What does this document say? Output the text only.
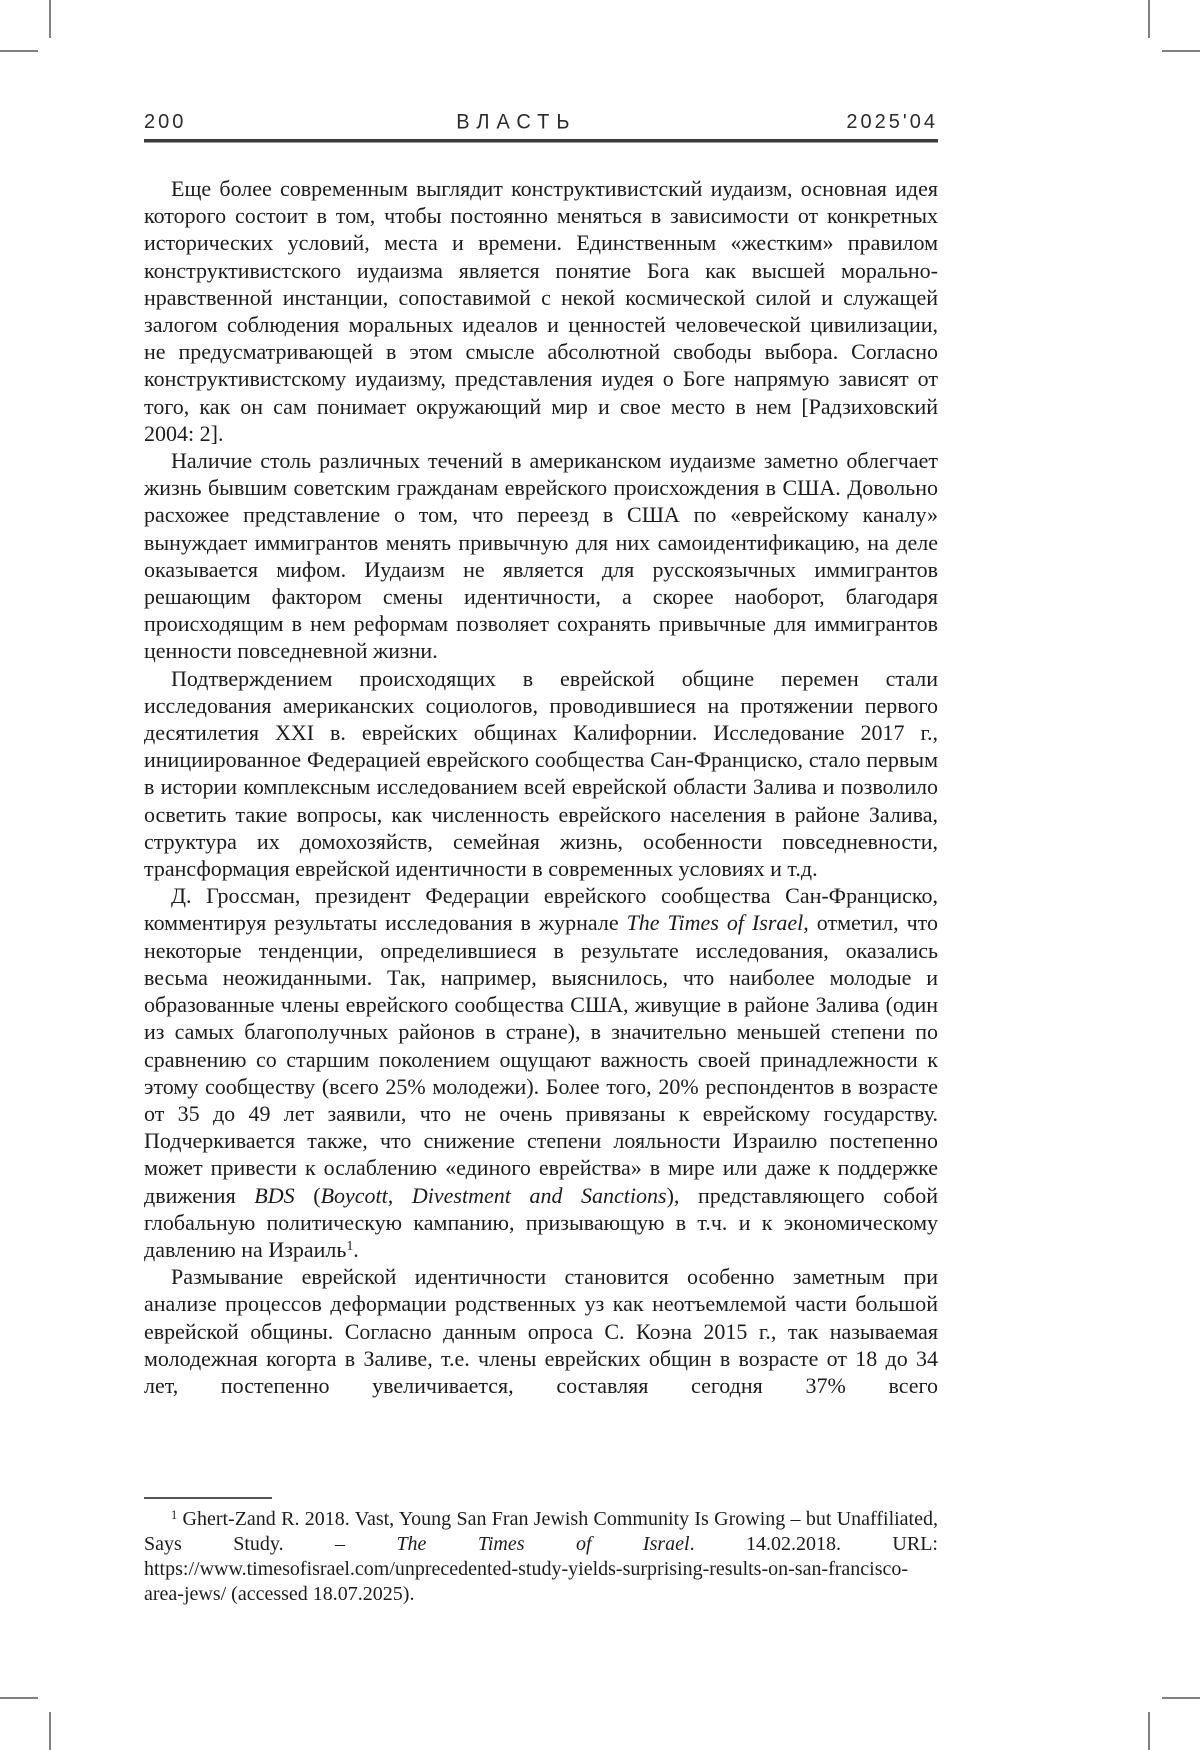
200	ВЛАСТЬ	2025'04

Еще более современным выглядит конструктивистский иудаизм, основная идея которого состоит в том, чтобы постоянно меняться в зависимости от конкретных исторических условий, места и времени. Единственным «жестким» правилом конструктивистского иудаизма является понятие Бога как высшей морально-нравственной инстанции, сопоставимой с некой космической силой и служащей залогом соблюдения моральных идеалов и ценностей человеческой цивилизации, не предусматривающей в этом смысле абсолютной свободы выбора. Согласно конструктивистскому иудаизму, представления иудея о Боге напрямую зависят от того, как он сам понимает окружающий мир и свое место в нем [Радзиховский 2004: 2].

Наличие столь различных течений в американском иудаизме заметно облегчает жизнь бывшим советским гражданам еврейского происхождения в США. Довольно расхожее представление о том, что переезд в США по «еврейскому каналу» вынуждает иммигрантов менять привычную для них самоидентификацию, на деле оказывается мифом. Иудаизм не является для русскоязычных иммигрантов решающим фактором смены идентичности, а скорее наоборот, благодаря происходящим в нем реформам позволяет сохранять привычные для иммигрантов ценности повседневной жизни.

Подтверждением происходящих в еврейской общине перемен стали исследования американских социологов, проводившиеся на протяжении первого десятилетия XXI в. еврейских общинах Калифорнии. Исследование 2017 г., инициированное Федерацией еврейского сообщества Сан-Франциско, стало первым в истории комплексным исследованием всей еврейской области Залива и позволило осветить такие вопросы, как численность еврейского населения в районе Залива, структура их домохозяйств, семейная жизнь, особенности повседневности, трансформация еврейской идентичности в современных условиях и т.д.

Д. Гроссман, президент Федерации еврейского сообщества Сан-Франциско, комментируя результаты исследования в журнале The Times of Israel, отметил, что некоторые тенденции, определившиеся в результате исследования, оказались весьма неожиданными. Так, например, выяснилось, что наиболее молодые и образованные члены еврейского сообщества США, живущие в районе Залива (один из самых благополучных районов в стране), в значительно меньшей степени по сравнению со старшим поколением ощущают важность своей принадлежности к этому сообществу (всего 25% молодежи). Более того, 20% респондентов в возрасте от 35 до 49 лет заявили, что не очень привязаны к еврейскому государству. Подчеркивается также, что снижение степени лояльности Израилю постепенно может привести к ослаблению «единого еврейства» в мире или даже к поддержке движения BDS (Boycott, Divestment and Sanctions), представляющего собой глобальную политическую кампанию, призывающую в т.ч. и к экономическому давлению на Израиль$^1$.

Размывание еврейской идентичности становится особенно заметным при анализе процессов деформации родственных уз как неотъемлемой части большой еврейской общины. Согласно данным опроса С. Коэна 2015 г., так называемая молодежная когорта в Заливе, т.е. члены еврейских общин в возрасте от 18 до 34 лет, постепенно увеличивается, составляя сегодня 37% всего

$^1$ Ghert-Zand R. 2018. Vast, Young San Fran Jewish Community Is Growing – but Unaffiliated, Says Study. – The Times of Israel. 14.02.2018. URL: https://www.timesofisrael.com/unprecedented-study-yields-surprising-results-on-san-francisco-area-jews/ (accessed 18.07.2025).
